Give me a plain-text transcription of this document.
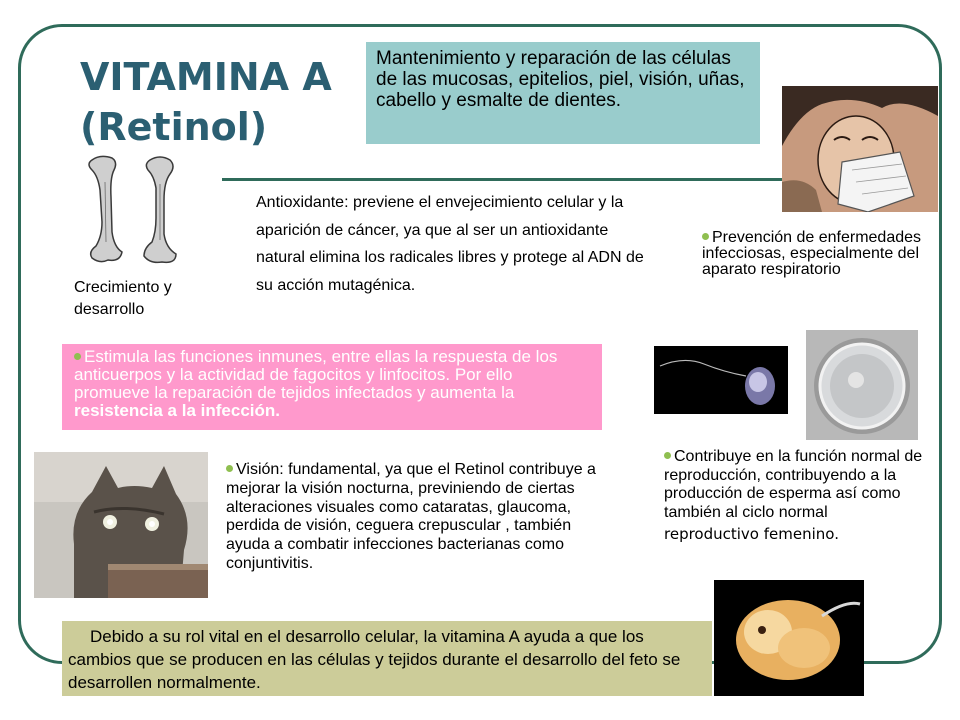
VITAMINA A
(Retinol)
Mantenimiento y reparación de las células de las mucosas, epitelios, piel, visión, uñas, cabello y esmalte de dientes.
Antioxidante: previene el envejecimiento celular y la aparición de cáncer, ya que al ser un antioxidante natural elimina los radicales libres y protege al ADN de su acción mutagénica.
Crecimiento y desarrollo
Prevención de enfermedades infecciosas, especialmente del aparato respiratorio
Estimula las funciones inmunes, entre ellas la respuesta de los anticuerpos y la actividad de fagocitos y linfocitos. Por ello promueve la reparación de tejidos infectados y aumenta la resistencia a la infección.
Visión: fundamental, ya que el Retinol contribuye a mejorar la visión nocturna, previniendo de ciertas alteraciones visuales como cataratas, glaucoma, perdida de visión, ceguera crepuscular , también ayuda a combatir infecciones bacterianas como conjuntivitis.
Contribuye en la función normal de reproducción, contribuyendo a la producción de esperma así como también al ciclo normal
reproductivo femenino.
Debido a su rol vital en el desarrollo celular, la vitamina A ayuda a que los cambios que se producen en las células y tejidos durante el desarrollo del feto se desarrollen normalmente.
